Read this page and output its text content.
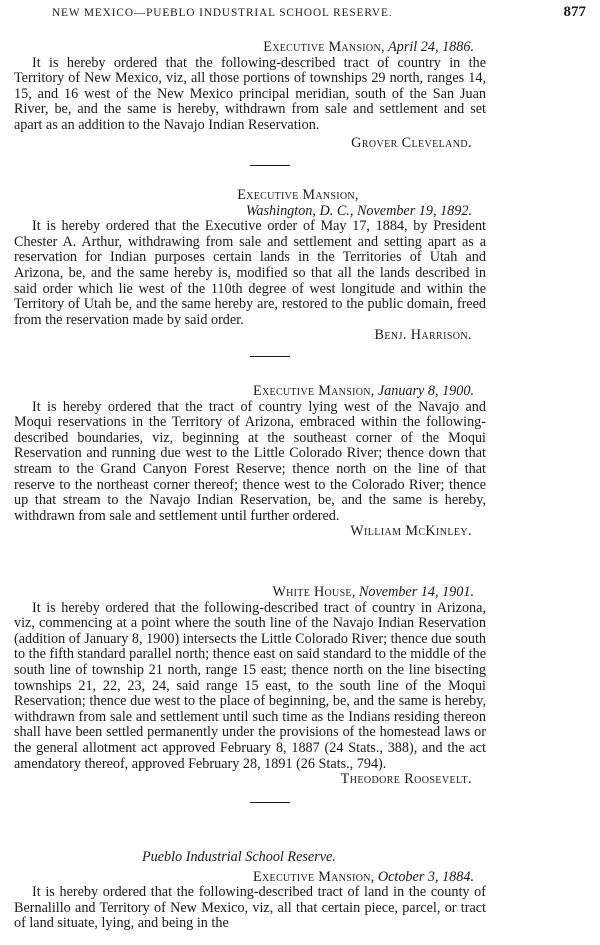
NEW MEXICO—PUEBLO INDUSTRIAL SCHOOL RESERVE.	877
Executive Mansion, April 24, 1886.

It is hereby ordered that the following-described tract of country in the Territory of New Mexico, viz, all those portions of townships 29 north, ranges 14, 15, and 16 west of the New Mexico principal meridian, south of the San Juan River, be, and the same is hereby, withdrawn from sale and settlement and set apart as an addition to the Navajo Indian Reservation.

Grover Cleveland.
Executive Mansion,
Washington, D. C., November 19, 1892.

It is hereby ordered that the Executive order of May 17, 1884, by President Chester A. Arthur, withdrawing from sale and settlement and setting apart as a reservation for Indian purposes certain lands in the Territories of Utah and Arizona, be, and the same hereby is, modified so that all the lands described in said order which lie west of the 110th degree of west longitude and within the Territory of Utah be, and the same hereby are, restored to the public domain, freed from the reservation made by said order.

Benj. Harrison.
Executive Mansion, January 8, 1900.

It is hereby ordered that the tract of country lying west of the Navajo and Moqui reservations in the Territory of Arizona, embraced within the following-described boundaries, viz, beginning at the southeast corner of the Moqui Reservation and running due west to the Little Colorado River; thence down that stream to the Grand Canyon Forest Reserve; thence north on the line of that reserve to the northeast corner thereof; thence west to the Colorado River; thence up that stream to the Navajo Indian Reservation, be, and the same is hereby, withdrawn from sale and settlement until further ordered.

William McKinley.
White House, November 14, 1901.

It is hereby ordered that the following-described tract of country in Arizona, viz, commencing at a point where the south line of the Navajo Indian Reservation (addition of January 8, 1900) intersects the Little Colorado River; thence due south to the fifth standard parallel north; thence east on said standard to the middle of the south line of township 21 north, range 15 east; thence north on the line bisecting townships 21, 22, 23, 24, said range 15 east, to the south line of the Moqui Reservation; thence due west to the place of beginning, be, and the same is hereby, withdrawn from sale and settlement until such time as the Indians residing thereon shall have been settled permanently under the provisions of the homestead laws or the general allotment act approved February 8, 1887 (24 Stats., 388), and the act amendatory thereof, approved February 28, 1891 (26 Stats., 794).

Theodore Roosevelt.
Pueblo Industrial School Reserve.
Executive Mansion, October 3, 1884.

It is hereby ordered that the following-described tract of land in the county of Bernalillo and Territory of New Mexico, viz, all that certain piece, parcel, or tract of land situate, lying, and being in the
